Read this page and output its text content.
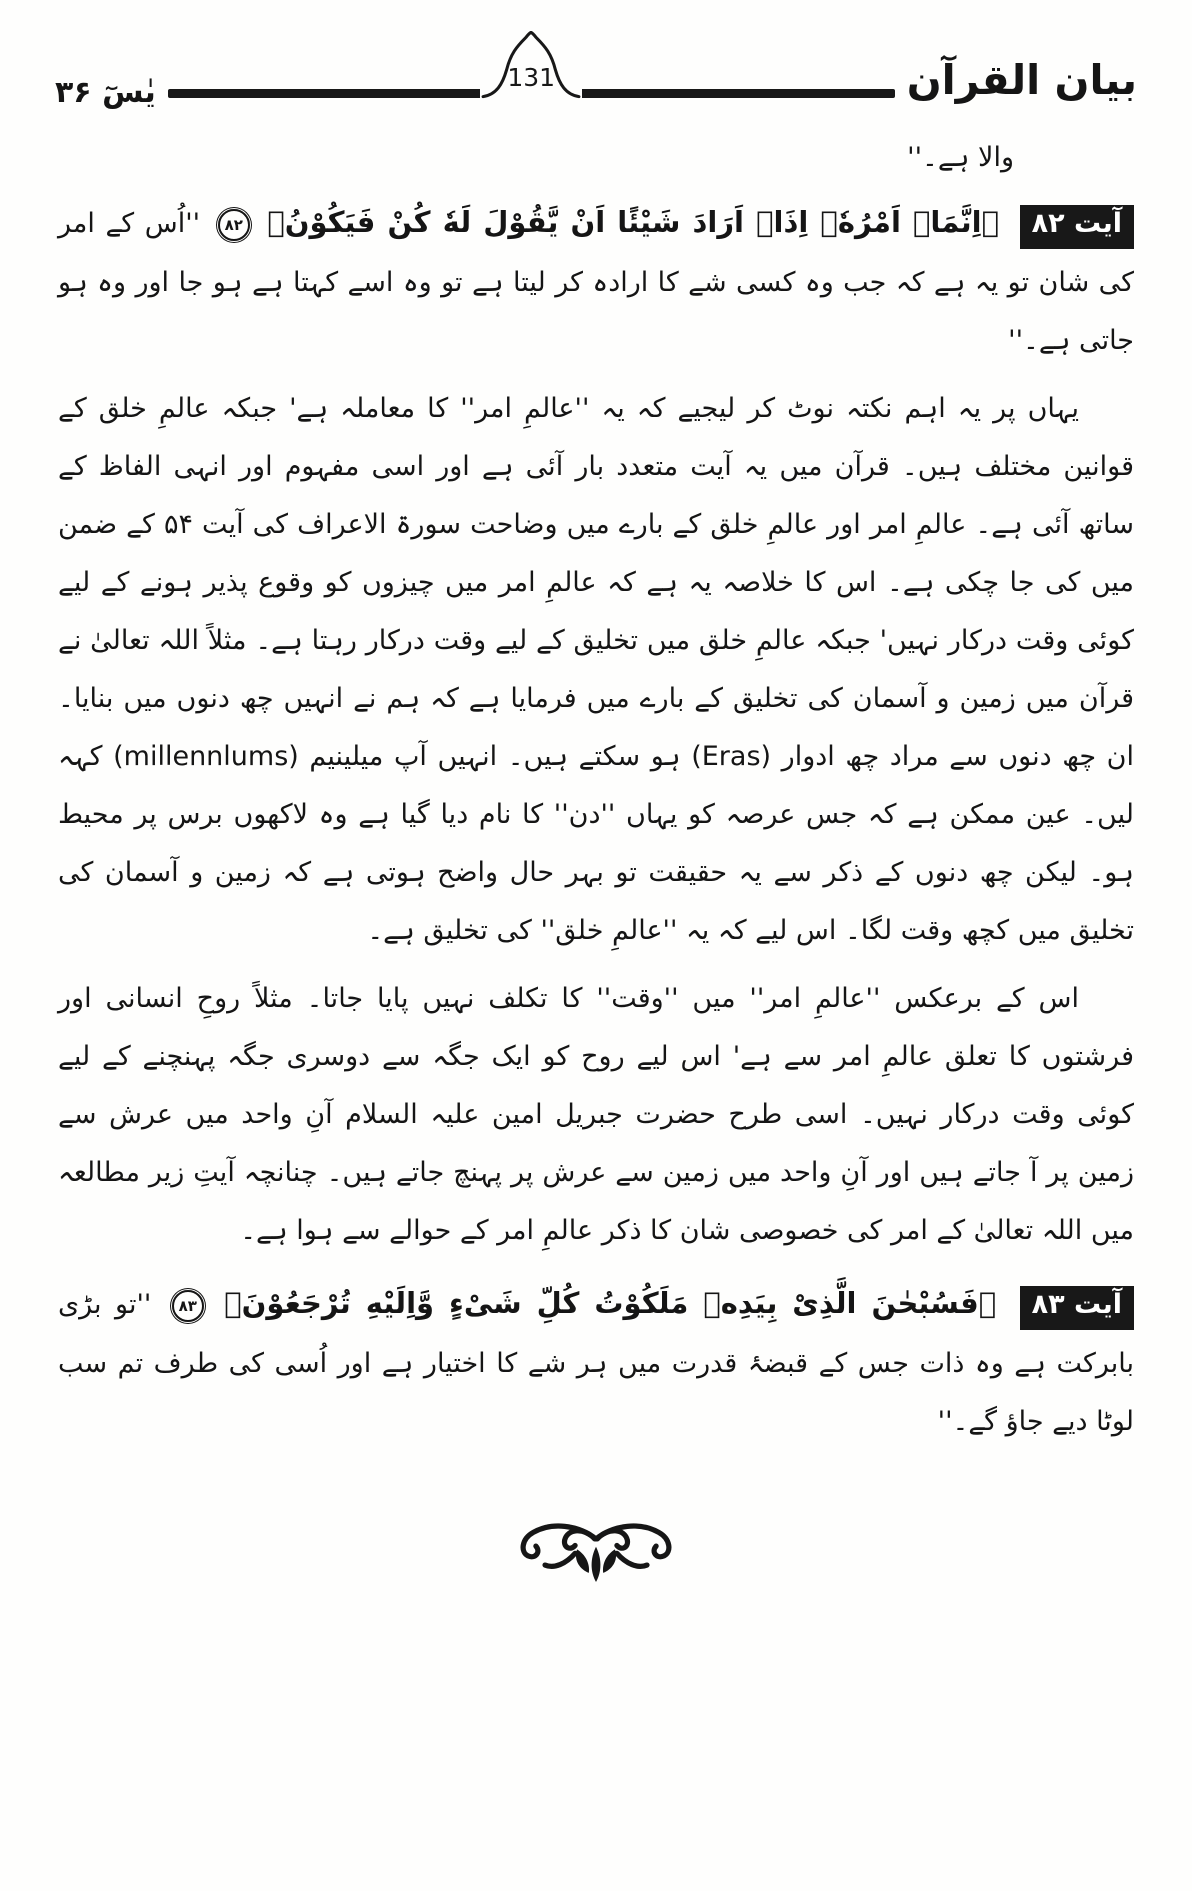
یٰسٓ ۳۶	131	بیان القرآن

والا ہے۔''

آیت ۸۲ ﴿اِنَّمَاۤ اَمْرُهٗۤ اِذَاۤ اَرَادَ شَیْئًا اَنْ یَّقُوْلَ لَهٗ کُنْ فَیَکُوْنُ﴾ ۸۲ ''اُس کے امر کی شان تو یہ ہے کہ جب وہ کسی شے کا ارادہ کر لیتا ہے تو وہ اسے کہتا ہے ہو جا اور وہ ہو جاتی ہے۔''

یہاں پر یہ اہم نکتہ نوٹ کر لیجیے کہ یہ ''عالمِ امر'' کا معاملہ ہے' جبکہ عالمِ خلق کے قوانین مختلف ہیں۔ قرآن میں یہ آیت متعدد بار آئی ہے اور اسی مفہوم اور انہی الفاظ کے ساتھ آئی ہے۔ عالمِ امر اور عالمِ خلق کے بارے میں وضاحت سورۃ الاعراف کی آیت ۵۴ کے ضمن میں کی جا چکی ہے۔ اس کا خلاصہ یہ ہے کہ عالمِ امر میں چیزوں کو وقوع پذیر ہونے کے لیے کوئی وقت درکار نہیں' جبکہ عالمِ خلق میں تخلیق کے لیے وقت درکار رہتا ہے۔ مثلاً اللہ تعالیٰ نے قرآن میں زمین و آسمان کی تخلیق کے بارے میں فرمایا ہے کہ ہم نے انہیں چھ دنوں میں بنایا۔ ان چھ دنوں سے مراد چھ ادوار (Eras) ہو سکتے ہیں۔ انہیں آپ میلینیم (millennlums) کہہ لیں۔ عین ممکن ہے کہ جس عرصہ کو یہاں ''دن'' کا نام دیا گیا ہے وہ لاکھوں برس پر محیط ہو۔ لیکن چھ دنوں کے ذکر سے یہ حقیقت تو بہر حال واضح ہوتی ہے کہ زمین و آسمان کی تخلیق میں کچھ وقت لگا۔ اس لیے کہ یہ ''عالمِ خلق'' کی تخلیق ہے۔

اس کے برعکس ''عالمِ امر'' میں ''وقت'' کا تکلف نہیں پایا جاتا۔ مثلاً روحِ انسانی اور فرشتوں کا تعلق عالمِ امر سے ہے' اس لیے روح کو ایک جگہ سے دوسری جگہ پہنچنے کے لیے کوئی وقت درکار نہیں۔ اسی طرح حضرت جبریل امین علیہ السلام آنِ واحد میں عرش سے زمین پر آ جاتے ہیں اور آنِ واحد میں زمین سے عرش پر پہنچ جاتے ہیں۔ چنانچہ آیتِ زیر مطالعہ میں اللہ تعالیٰ کے امر کی خصوصی شان کا ذکر عالمِ امر کے حوالے سے ہوا ہے۔

آیت ۸۳ ﴿فَسُبْحٰنَ الَّذِیْ بِیَدِهٖ مَلَکُوْتُ کُلِّ شَیْءٍ وَّاِلَیْهِ تُرْجَعُوْنَ﴾ ۸۳ ''تو بڑی بابرکت ہے وہ ذات جس کے قبضۂ قدرت میں ہر شے کا اختیار ہے اور اُسی کی طرف تم سب لوٹا دیے جاؤ گے۔''
